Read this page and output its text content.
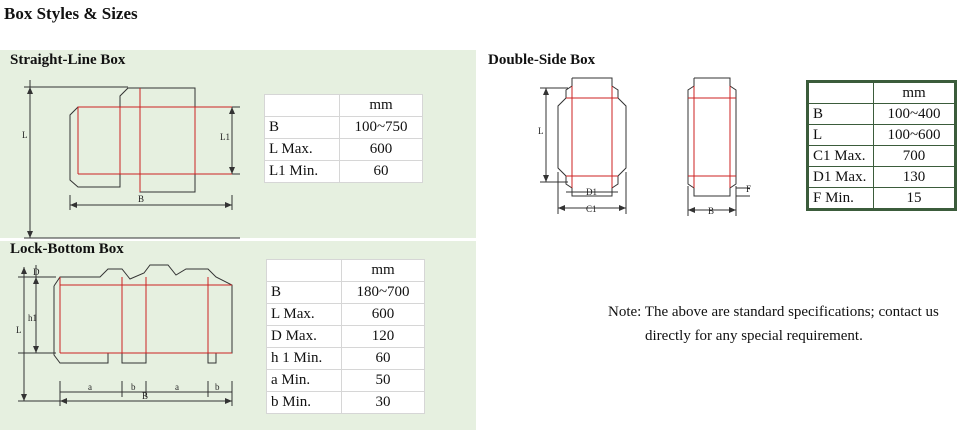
Box Styles & Sizes
Straight-Line Box
L	L1
B
	mm
B	100~750
L Max.	600
L1 Min.	60
Lock-Bottom Box
D
h1
L
a	b	a	b
B
	mm
B	180~700
L Max.	600
D Max.	120
h 1 Min.	60
a Min.	50
b Min.	30
Double-Side Box
L
D1
C1	B
F
	mm
B	100~400
L	100~600
C1 Max.	700
D1 Max.	130
F Min.	15
Note: The above are standard specifications; contact us
directly for any special requirement.
